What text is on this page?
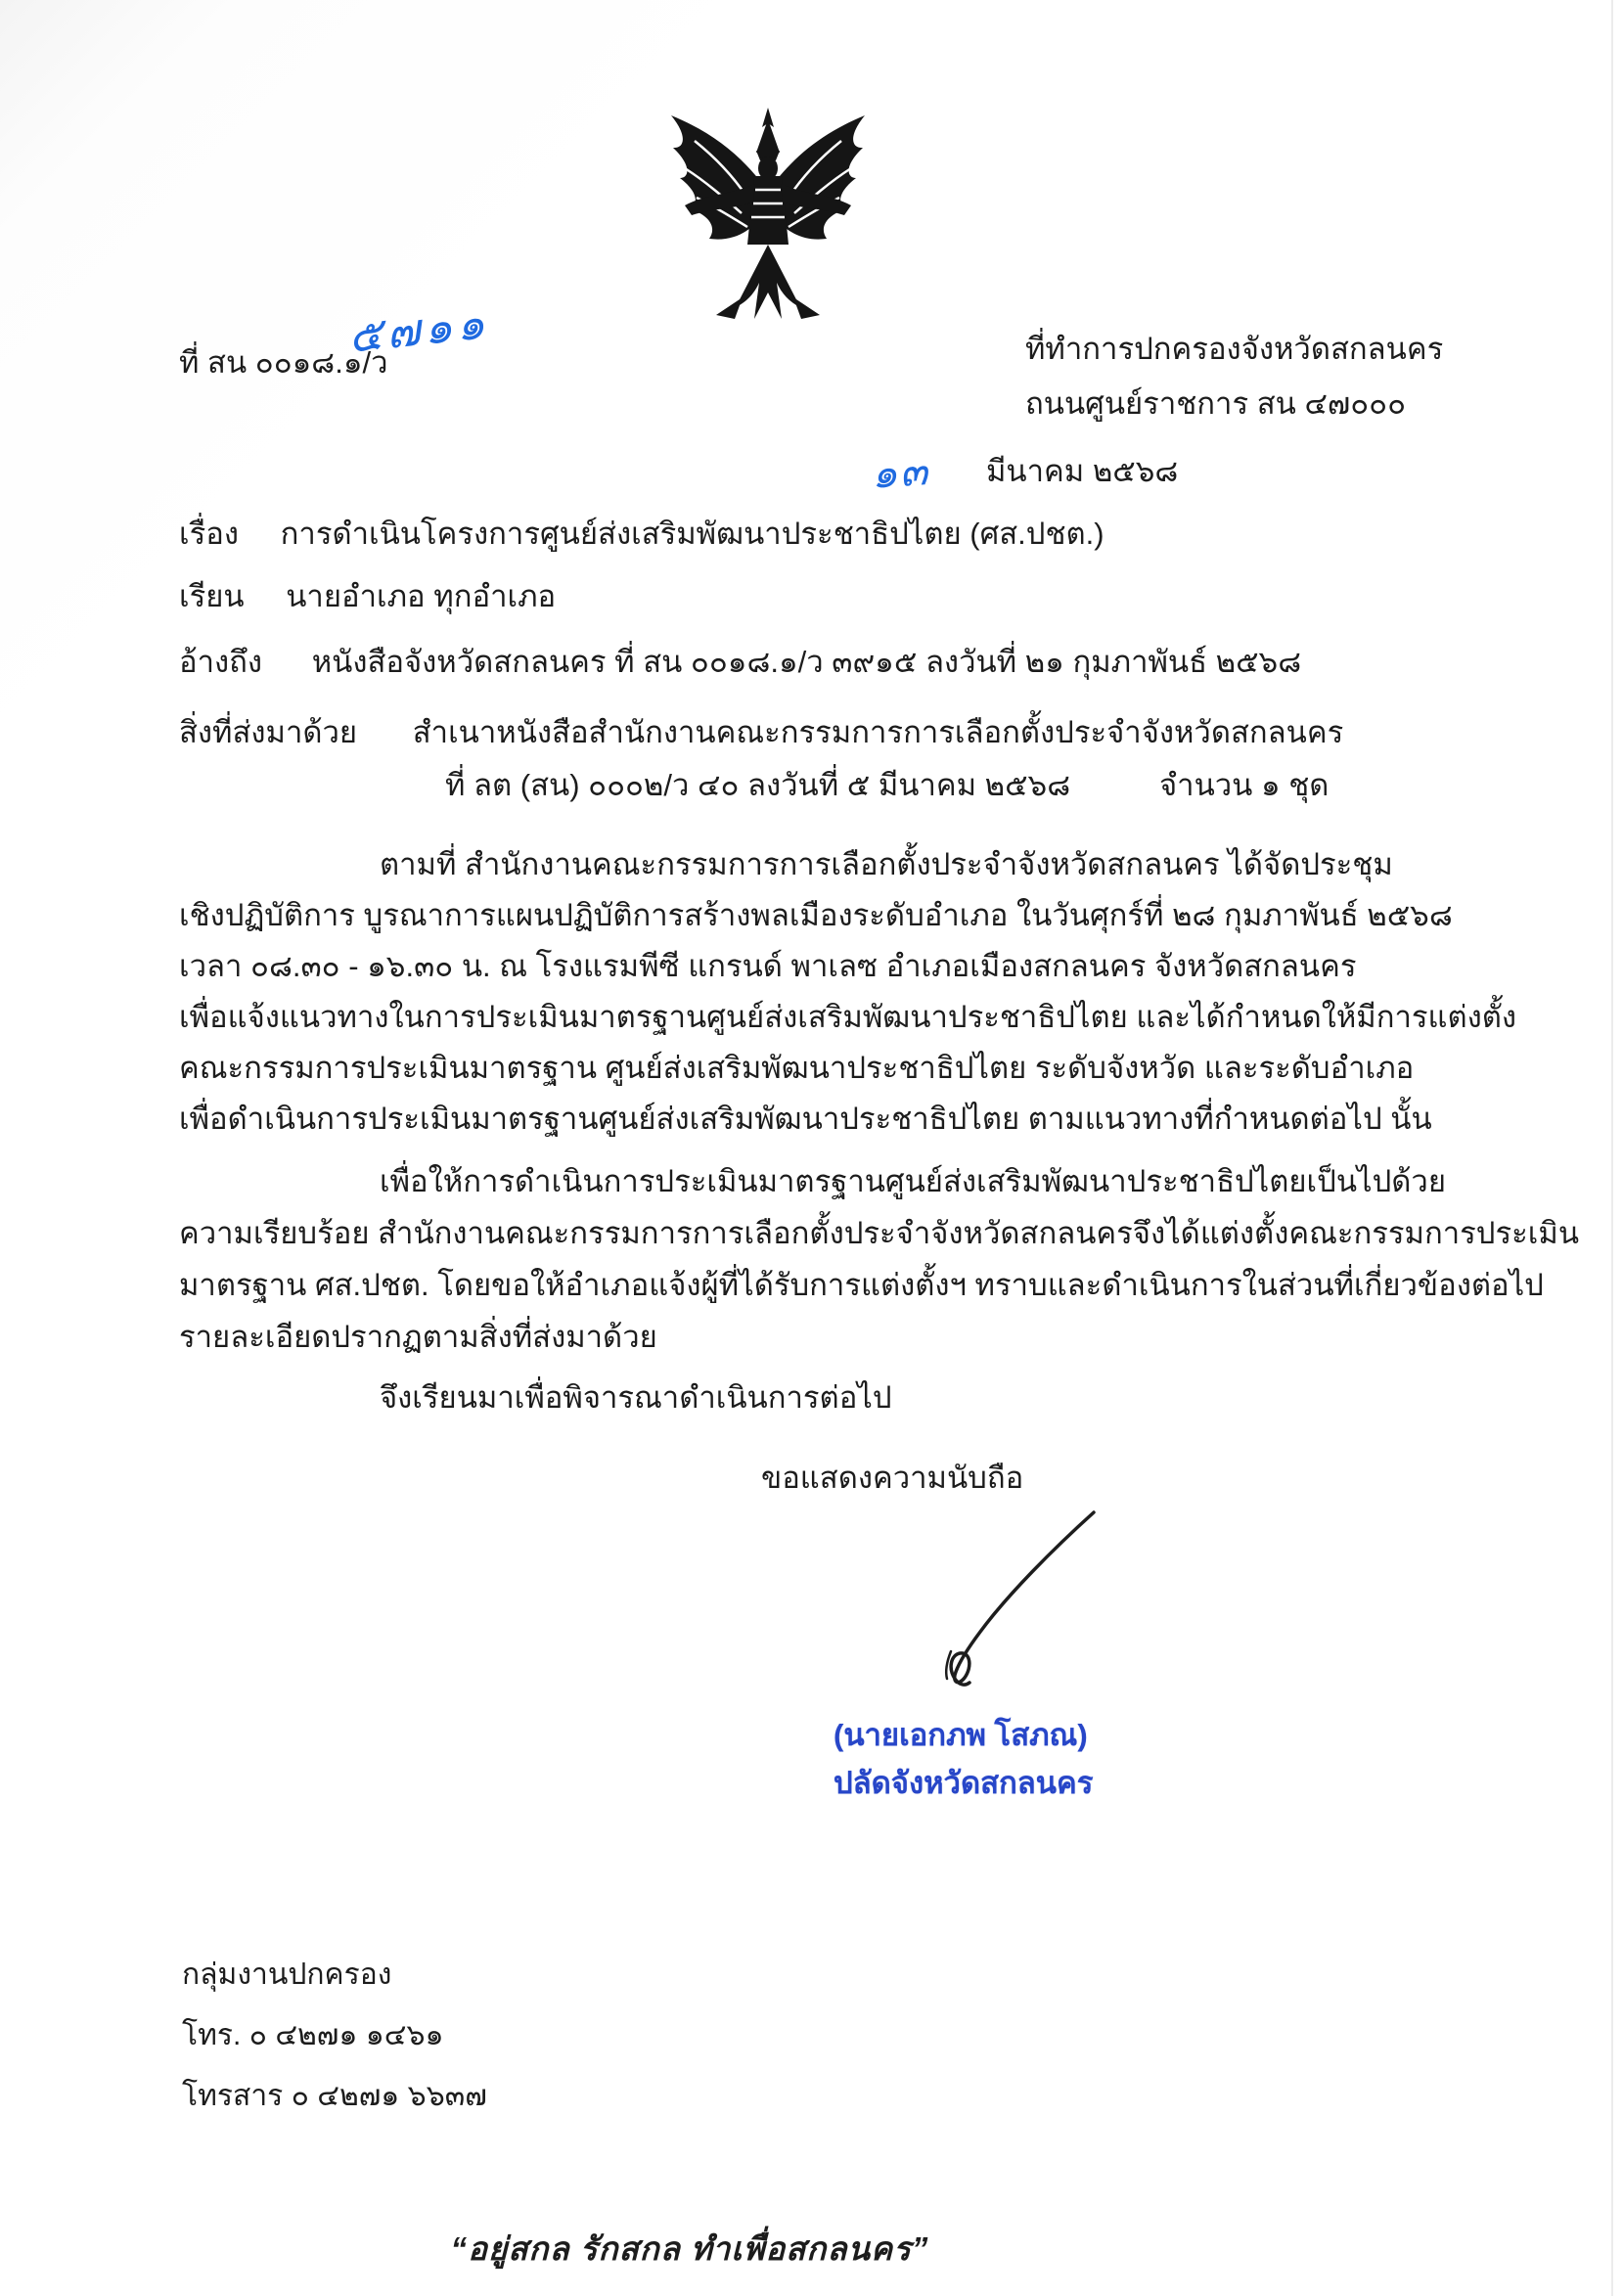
ที่ สน ๐๐๑๘.๑/ว
๕๗๑๑	ที่ทำการปกครองจังหวัดสกลนคร
ถนนศูนย์ราชการ สน ๔๗๐๐๐
๑๓ มีนาคม ๒๕๖๘
เรื่อง การดำเนินโครงการศูนย์ส่งเสริมพัฒนาประชาธิปไตย (ศส.ปชต.)
เรียน นายอำเภอ ทุกอำเภอ
อ้างถึง หนังสือจังหวัดสกลนคร ที่ สน ๐๐๑๘.๑/ว ๓๙๑๕ ลงวันที่ ๒๑ กุมภาพันธ์ ๒๕๖๘
สิ่งที่ส่งมาด้วย สำเนาหนังสือสำนักงานคณะกรรมการการเลือกตั้งประจำจังหวัดสกลนคร
ที่ ลต (สน) ๐๐๐๒/ว ๔๐ ลงวันที่ ๕ มีนาคม ๒๕๖๘	จำนวน ๑ ชุด
ตามที่ สำนักงานคณะกรรมการการเลือกตั้งประจำจังหวัดสกลนคร ได้จัดประชุม
เชิงปฏิบัติการ บูรณาการแผนปฏิบัติการสร้างพลเมืองระดับอำเภอ ในวันศุกร์ที่ ๒๘ กุมภาพันธ์ ๒๕๖๘
เวลา ๐๘.๓๐ - ๑๖.๓๐ น. ณ โรงแรมพีซี แกรนด์ พาเลซ อำเภอเมืองสกลนคร จังหวัดสกลนคร
เพื่อแจ้งแนวทางในการประเมินมาตรฐานศูนย์ส่งเสริมพัฒนาประชาธิปไตย และได้กำหนดให้มีการแต่งตั้ง
คณะกรรมการประเมินมาตรฐาน ศูนย์ส่งเสริมพัฒนาประชาธิปไตย ระดับจังหวัด และระดับอำเภอ
เพื่อดำเนินการประเมินมาตรฐานศูนย์ส่งเสริมพัฒนาประชาธิปไตย ตามแนวทางที่กำหนดต่อไป นั้น
เพื่อให้การดำเนินการประเมินมาตรฐานศูนย์ส่งเสริมพัฒนาประชาธิปไตยเป็นไปด้วย
ความเรียบร้อย สำนักงานคณะกรรมการการเลือกตั้งประจำจังหวัดสกลนครจึงได้แต่งตั้งคณะกรรมการประเมิน
มาตรฐาน ศส.ปชต. โดยขอให้อำเภอแจ้งผู้ที่ได้รับการแต่งตั้งฯ ทราบและดำเนินการในส่วนที่เกี่ยวข้องต่อไป
รายละเอียดปรากฏตามสิ่งที่ส่งมาด้วย
จึงเรียนมาเพื่อพิจารณาดำเนินการต่อไป
ขอแสดงความนับถือ
(นายเอกภพ โสภณ)
ปลัดจังหวัดสกลนคร
กลุ่มงานปกครอง
โทร. ๐ ๔๒๗๑ ๑๔๖๑
โทรสาร ๐ ๔๒๗๑ ๖๖๓๗
“อยู่สกล รักสกล ทำเพื่อสกลนคร”
